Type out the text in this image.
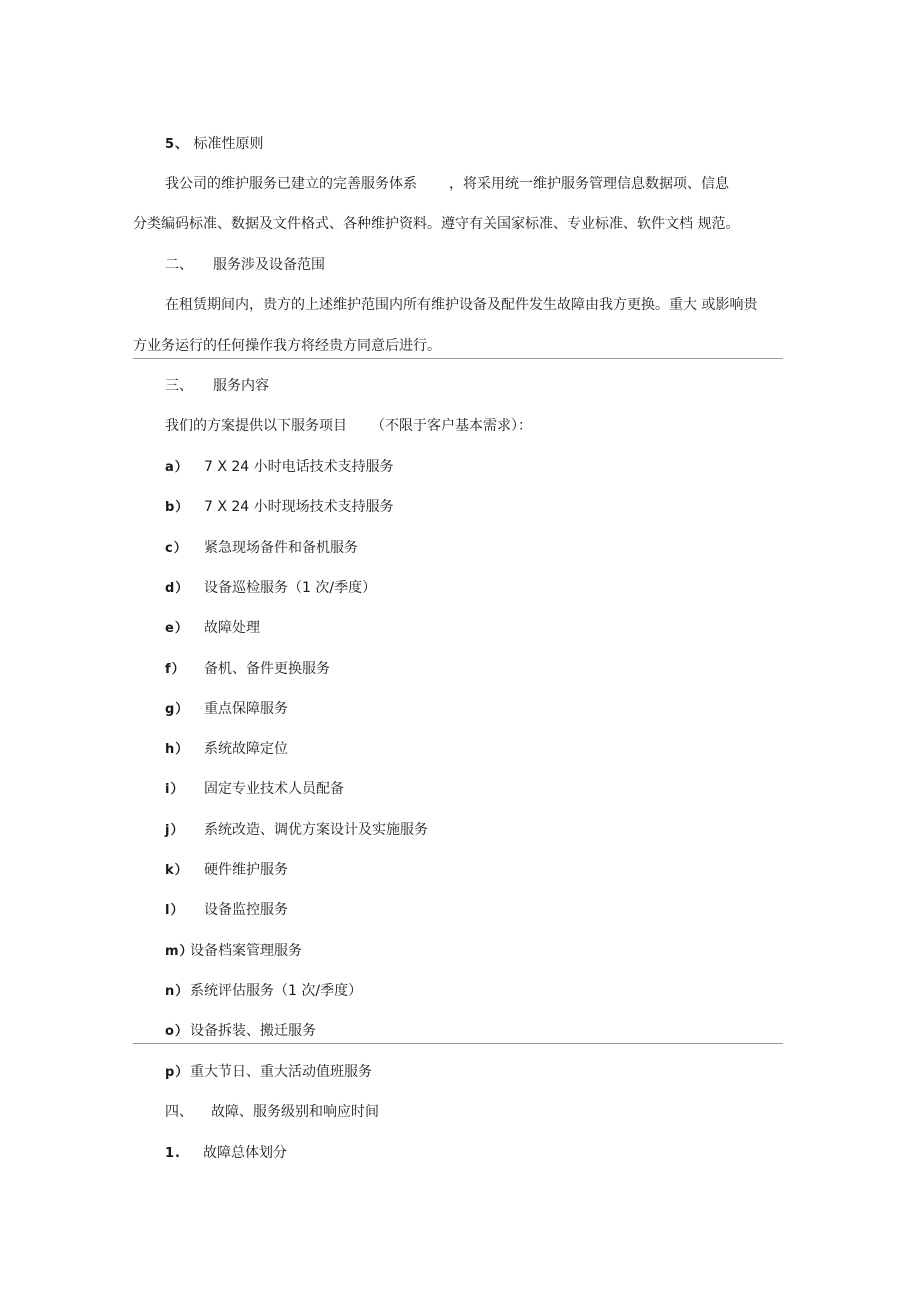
5、 标准性原则
我公司的维护服务已建立的完善服务体系 ，将采用统一维护服务管理信息数据项、信息
分类编码标准、数据及文件格式、各种维护资料。遵守有关国家标准、专业标准、软件文档 规范。
二、 服务涉及设备范围
在租赁期间内，贵方的上述维护范围内所有维护设备及配件发生故障由我方更换。重大 或影响贵
方业务运行的任何操作我方将经贵方同意后进行。
三、 服务内容
我们的方案提供以下服务项目 （不限于客户基本需求）：
a） 7 X 24 小时电话技术支持服务
b） 7 X 24 小时现场技术支持服务
c） 紧急现场备件和备机服务
d） 设备巡检服务（1 次/季度）
e） 故障处理
f） 备机、备件更换服务
g） 重点保障服务
h） 系统故障定位
i） 固定专业技术人员配备
j） 系统改造、调优方案设计及实施服务
k） 硬件维护服务
l） 设备监控服务
m）设备档案管理服务
n）系统评估服务（1 次/季度）
o）设备拆装、搬迁服务
p）重大节日、重大活动值班服务
四、 故障、服务级别和响应时间
1. 故障总体划分
